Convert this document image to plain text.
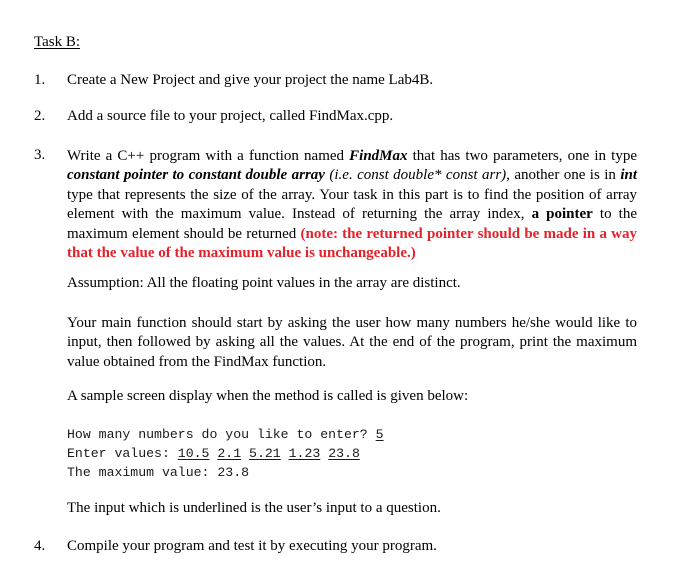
Task B:
1. Create a New Project and give your project the name Lab4B.
2. Add a source file to your project, called FindMax.cpp.
3. Write a C++ program with a function named FindMax that has two parameters, one in type constant pointer to constant double array (i.e. const double* const arr), another one is in int type that represents the size of the array. Your task in this part is to find the position of array element with the maximum value. Instead of returning the array index, a pointer to the maximum element should be returned (note: the returned pointer should be made in a way that the value of the maximum value is unchangeable.)
Assumption: All the floating point values in the array are distinct.
Your main function should start by asking the user how many numbers he/she would like to input, then followed by asking all the values. At the end of the program, print the maximum value obtained from the FindMax function.
A sample screen display when the method is called is given below:
How many numbers do you like to enter? 5
Enter values: 10.5 2.1 5.21 1.23 23.8
The maximum value: 23.8
The input which is underlined is the user’s input to a question.
4. Compile your program and test it by executing your program.
